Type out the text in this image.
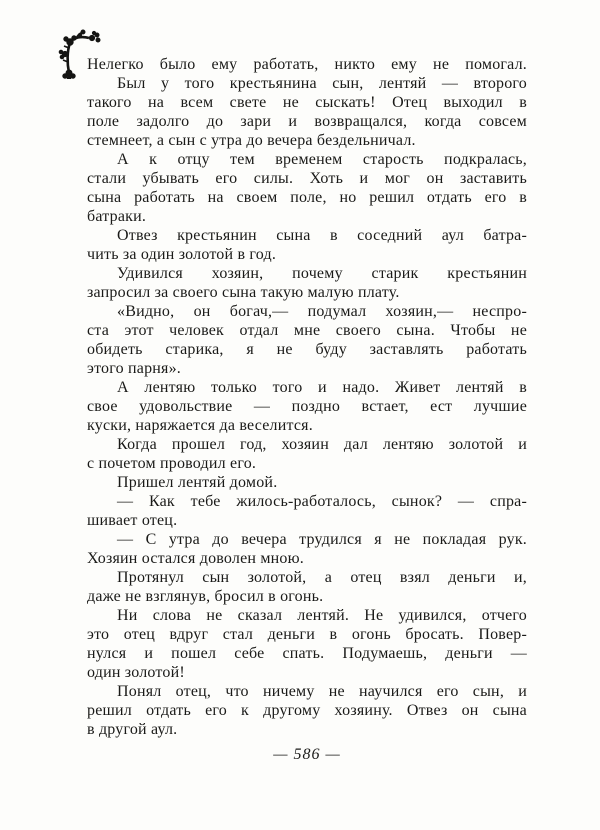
Нелегко было ему работать, никто ему не помогал.
Был у того крестьянина сын, лентяй — второго
такого на всем свете не сыскать! Отец выходил в
поле задолго до зари и возвращался, когда совсем
стемнеет, а сын с утра до вечера бездельничал.
А к отцу тем временем старость подкралась,
стали убывать его силы. Хоть и мог он заставить
сына работать на своем поле, но решил отдать его в
батраки.
Отвез крестьянин сына в соседний аул батра-
чить за один золотой в год.
Удивился хозяин, почему старик крестьянин
запросил за своего сына такую малую плату.
«Видно, он богач,— подумал хозяин,— неспро-
ста этот человек отдал мне своего сына. Чтобы не
обидеть старика, я не буду заставлять работать
этого парня».
А лентяю только того и надо. Живет лентяй в
свое удовольствие — поздно встает, ест лучшие
куски, наряжается да веселится.
Когда прошел год, хозяин дал лентяю золотой и
с почетом проводил его.
Пришел лентяй домой.
— Как тебе жилось-работалось, сынок? — спра-
шивает отец.
— С утра до вечера трудился я не покладая рук.
Хозяин остался доволен мною.
Протянул сын золотой, а отец взял деньги и,
даже не взглянув, бросил в огонь.
Ни слова не сказал лентяй. Не удивился, отчего
это отец вдруг стал деньги в огонь бросать. Повер-
нулся и пошел себе спать. Подумаешь, деньги —
один золотой!
Понял отец, что ничему не научился его сын, и
решил отдать его к другому хозяину. Отвез он сына
в другой аул.
— 586 —
